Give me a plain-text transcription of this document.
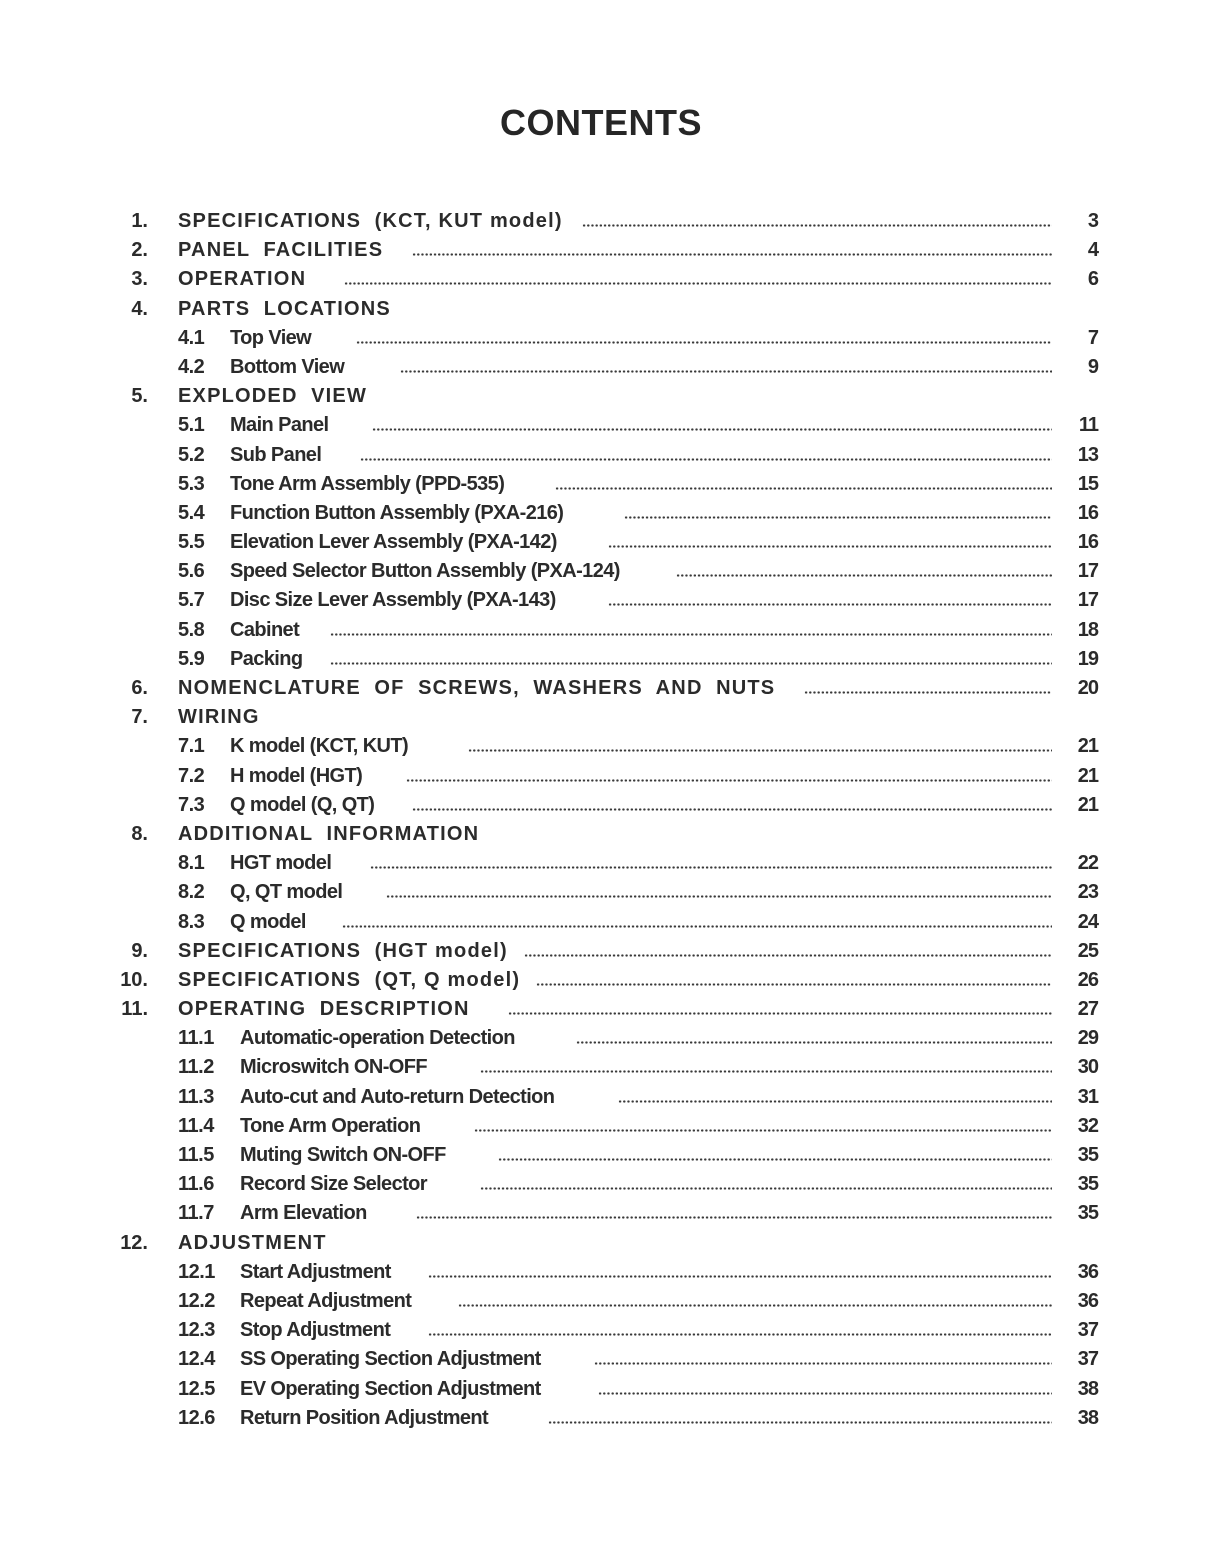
CONTENTS
1. SPECIFICATIONS  (KCT, KUT model)	3
2. PANEL  FACILITIES	4
3. OPERATION	6
4. PARTS  LOCATIONS
4.1	Top View	7
4.2	Bottom View	9
5. EXPLODED  VIEW
5.1	Main Panel	11
5.2	Sub Panel	13
5.3	Tone Arm Assembly (PPD-535)	15
5.4	Function Button Assembly (PXA-216)	16
5.5	Elevation Lever Assembly (PXA-142)	16
5.6	Speed Selector Button Assembly (PXA-124)	17
5.7	Disc Size Lever Assembly (PXA-143)	17
5.8	Cabinet	18
5.9	Packing	19
6. NOMENCLATURE  OF  SCREWS,  WASHERS  AND  NUTS	20
7. WIRING
7.1	K model (KCT, KUT)	21
7.2	H model (HGT)	21
7.3	Q model (Q, QT)	21
8. ADDITIONAL  INFORMATION
8.1	HGT model	22
8.2	Q, QT model	23
8.3	Q model	24
9. SPECIFICATIONS  (HGT model)	25
10. SPECIFICATIONS  (QT, Q model)	26
11. OPERATING  DESCRIPTION	27
11.1	Automatic-operation Detection	29
11.2	Microswitch ON-OFF	30
11.3	Auto-cut and Auto-return Detection	31
11.4	Tone Arm Operation	32
11.5	Muting Switch ON-OFF	35
11.6	Record Size Selector	35
11.7	Arm Elevation	35
12. ADJUSTMENT
12.1	Start Adjustment	36
12.2	Repeat Adjustment	36
12.3	Stop Adjustment	37
12.4	SS Operating Section Adjustment	37
12.5	EV Operating Section Adjustment	38
12.6	Return Position Adjustment	38
